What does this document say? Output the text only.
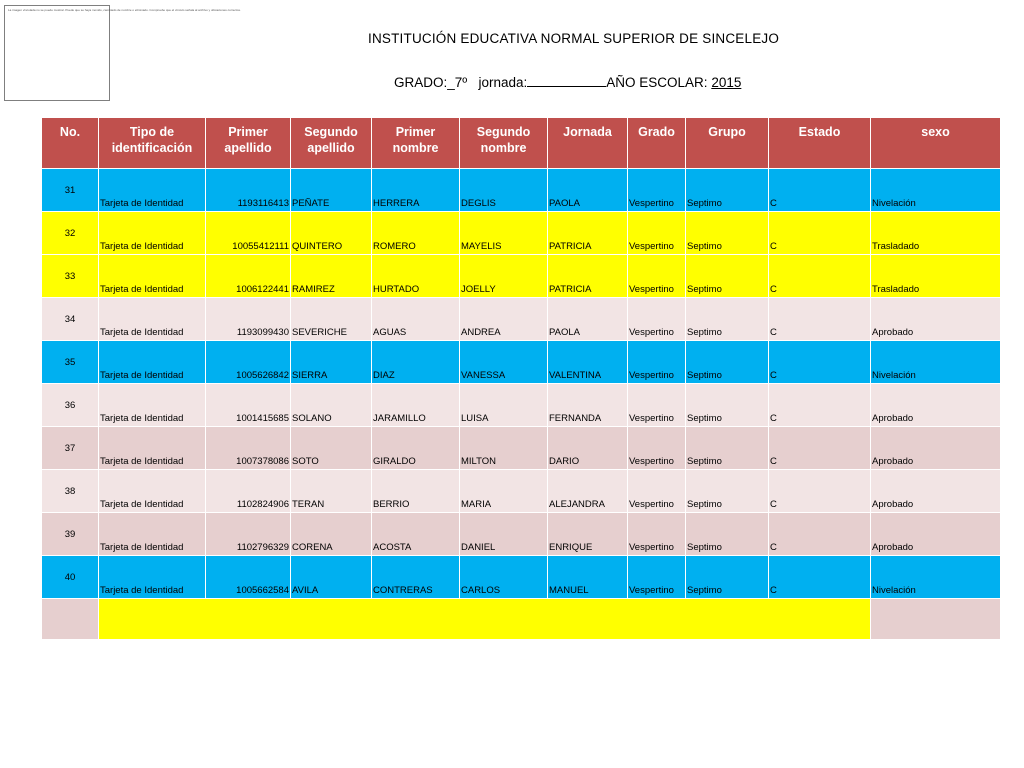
La imagen vinculada no se puede mostrar. Puede que se haya movido, cambiado de nombre o eliminado. Compruebe que el vínculo señala al archivo y ubicaciones correctos.
INSTITUCIÓN EDUCATIVA NORMAL SUPERIOR DE SINCELEJO
GRADO:_7º jornada:	AÑO ESCOLAR: 2015
No.	Tipo de identificación	Primer apellido	Segundo apellido	Primer nombre	Segundo nombre	Jornada	Grado	Grupo	Estado	sexo
31	Tarjeta de Identidad	1193116413	PEÑATE	HERRERA	DEGLIS	PAOLA	Vespertino	Septimo	C	Nivelación
32	Tarjeta de Identidad	10055412111	QUINTERO	ROMERO	MAYELIS	PATRICIA	Vespertino	Septimo	C	Trasladado
33	Tarjeta de Identidad	1006122441	RAMIREZ	HURTADO	JOELLY	PATRICIA	Vespertino	Septimo	C	Trasladado
34	Tarjeta de Identidad	1193099430	SEVERICHE	AGUAS	ANDREA	PAOLA	Vespertino	Septimo	C	Aprobado
35	Tarjeta de Identidad	1005626842	SIERRA	DIAZ	VANESSA	VALENTINA	Vespertino	Septimo	C	Nivelación
36	Tarjeta de Identidad	1001415685	SOLANO	JARAMILLO	LUISA	FERNANDA	Vespertino	Septimo	C	Aprobado
37	Tarjeta de Identidad	1007378086	SOTO	GIRALDO	MILTON	DARIO	Vespertino	Septimo	C	Aprobado
38	Tarjeta de Identidad	1102824906	TERAN	BERRIO	MARIA	ALEJANDRA	Vespertino	Septimo	C	Aprobado
39	Tarjeta de Identidad	1102796329	CORENA	ACOSTA	DANIEL	ENRIQUE	Vespertino	Septimo	C	Aprobado
40	Tarjeta de Identidad	1005662584	AVILA	CONTRERAS	CARLOS	MANUEL	Vespertino	Septimo	C	Nivelación
